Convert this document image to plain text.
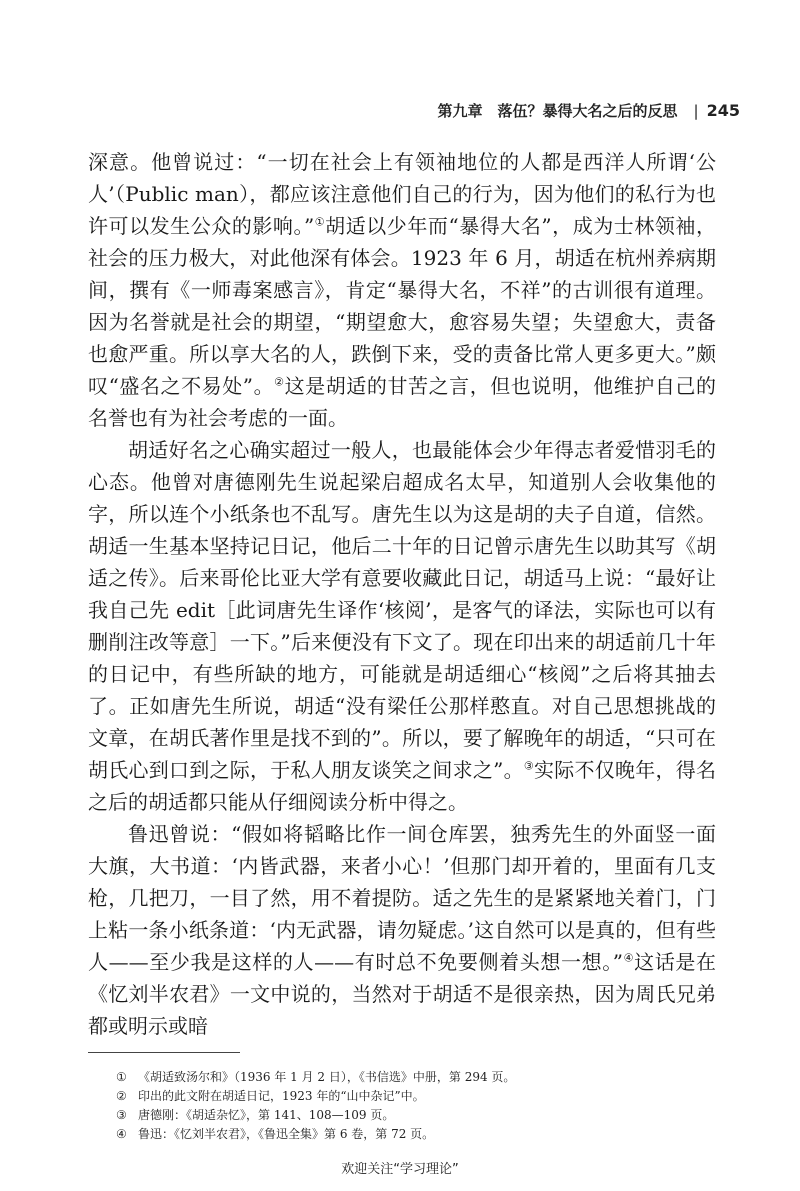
第九章　落伍？暴得大名之后的反思 | 245

深意。他曾说过：“一切在社会上有领袖地位的人都是西洋人所谓‘公人’（Public man），都应该注意他们自己的行为，因为他们的私行为也许可以发生公众的影响。”①胡适以少年而“暴得大名”，成为士林领袖，社会的压力极大，对此他深有体会。1923 年 6 月，胡适在杭州养病期间，撰有《一师毒案感言》，肯定“暴得大名，不祥”的古训很有道理。因为名誉就是社会的期望，“期望愈大，愈容易失望；失望愈大，责备也愈严重。所以享大名的人，跌倒下来，受的责备比常人更多更大。”颇叹“盛名之不易处”。②这是胡适的甘苦之言，但也说明，他维护自己的名誉也有为社会考虑的一面。

胡适好名之心确实超过一般人，也最能体会少年得志者爱惜羽毛的心态。他曾对唐德刚先生说起梁启超成名太早，知道别人会收集他的字，所以连个小纸条也不乱写。唐先生以为这是胡的夫子自道，信然。胡适一生基本坚持记日记，他后二十年的日记曾示唐先生以助其写《胡适之传》。后来哥伦比亚大学有意要收藏此日记，胡适马上说：“最好让我自己先 edit［此词唐先生译作‘核阅’，是客气的译法，实际也可以有删削注改等意］一下。”后来便没有下文了。现在印出来的胡适前几十年的日记中，有些所缺的地方，可能就是胡适细心“核阅”之后将其抽去了。正如唐先生所说，胡适“没有梁任公那样憨直。对自己思想挑战的文章，在胡氏著作里是找不到的”。所以，要了解晚年的胡适，“只可在胡氏心到口到之际，于私人朋友谈笑之间求之”。③实际不仅晚年，得名之后的胡适都只能从仔细阅读分析中得之。

鲁迅曾说：“假如将韬略比作一间仓库罢，独秀先生的外面竖一面大旗，大书道：‘内皆武器，来者小心！’但那门却开着的，里面有几支枪，几把刀，一目了然，用不着提防。适之先生的是紧紧地关着门，门上粘一条小纸条道：‘内无武器，请勿疑虑。’这自然可以是真的，但有些人——至少我是这样的人——有时总不免要侧着头想一想。”④这话是在《忆刘半农君》一文中说的，当然对于胡适不是很亲热，因为周氏兄弟都或明示或暗

① 《胡适致汤尔和》（1936 年 1 月 2 日），《书信选》中册，第 294 页。
② 印出的此文附在胡适日记，1923 年的“山中杂记”中。
③ 唐德刚：《胡适杂忆》，第 141、108—109 页。
④ 鲁迅：《忆刘半农君》，《鲁迅全集》第 6 卷，第 72 页。
欢迎关注“学习理论”
